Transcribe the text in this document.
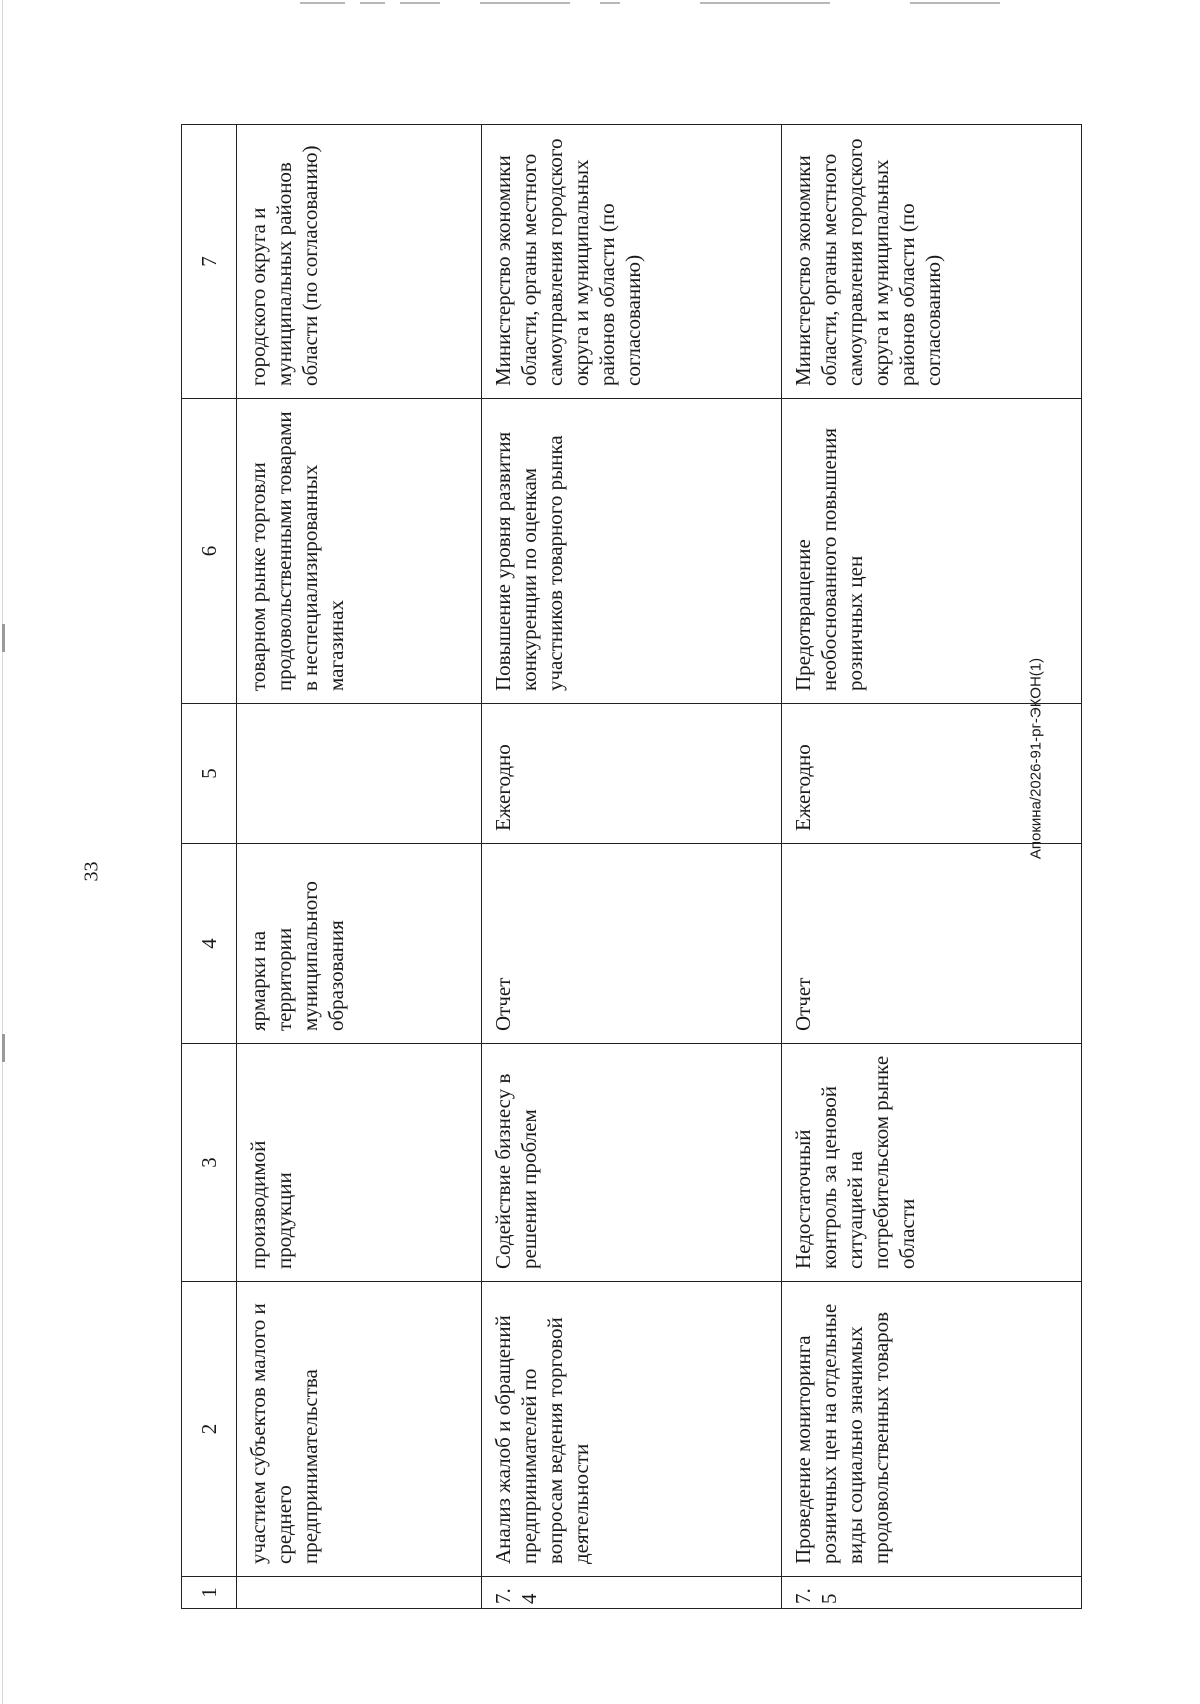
33
1	2	3	4	5	6	7
	участием субъектов малого и среднего предпринимательства	производимой продукции	ярмарки на территории муниципального образования		товарном рынке торговли продовольственными товарами в неспециализированных магазинах	городского округа и муниципальных районов области (по согласованию)
7.4	Анализ жалоб и обращений предпринимателей по вопросам ведения торговой деятельности	Содействие бизнесу в решении проблем	Отчет	Ежегодно	Повышение уровня развития конкуренции по оценкам участников товарного рынка	Министерство экономики области, органы местного самоуправления городского округа и муниципальных районов области (по согласованию)
7.5	Проведение мониторинга розничных цен на отдельные виды социально значимых продовольственных товаров	Недостаточный контроль за ценовой ситуацией на потребительском рынке области	Отчет	Ежегодно	Предотвращение необоснованного повышения розничных цен	Министерство экономики области, органы местного самоуправления городского округа и муниципальных районов области (по согласованию)
Апокина/2026-91-рг-ЭКОН(1)
